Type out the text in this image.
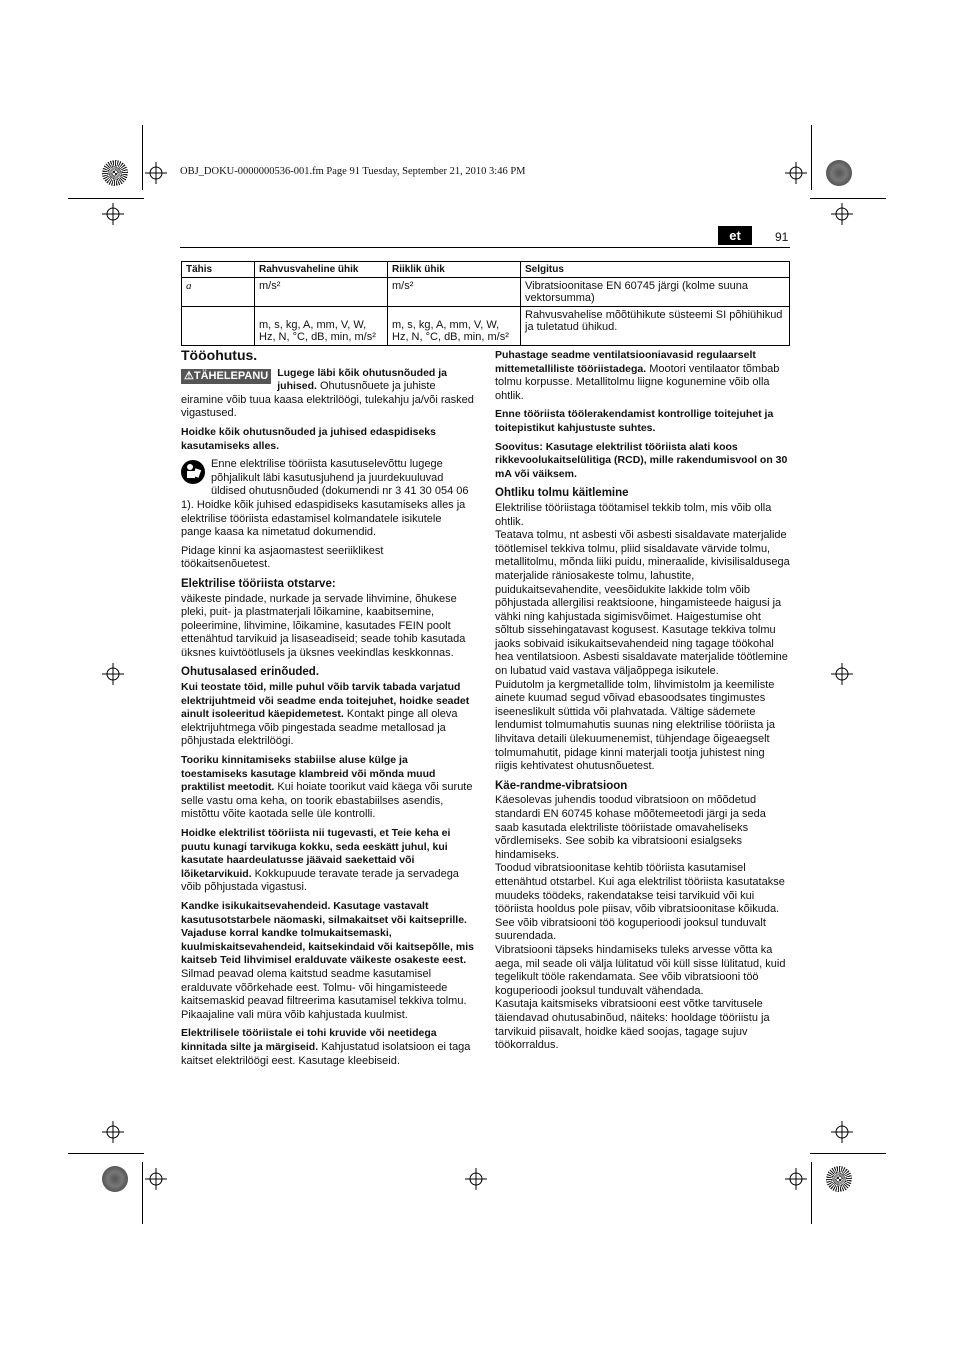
OBJ_DOKU-0000000536-001.fm Page 91 Tuesday, September 21, 2010 3:46 PM
et	91
Tähis	Rahvusvaheline ühik	Riiklik ühik	Selgitus
a	m/s²	m/s²	Vibratsioonitase EN 60745 järgi (kolme suuna vektorsumma)
	m, s, kg, A, mm, V, W, Hz, N, °C, dB, min, m/s²	m, s, kg, A, mm, V, W, Hz, N, °C, dB, min, m/s²	Rahvusvahelise mõõtühikute süsteemi SI põhiühikud ja tuletatud ühikud.
Tööohutus.

⚠TÄHELEPANU Lugege läbi kõik ohutusnõuded ja juhised. Ohutusnõuete ja juhiste eiramine võib tuua kaasa elektrilöögi, tulekahju ja/või rasked vigastused.

Hoidke kõik ohutusnõuded ja juhised edaspidiseks kasutamiseks alles.

Enne elektrilise tööriista kasutuselevõttu lugege põhjalikult läbi kasutusjuhend ja juurdekuuluvad üldised ohutusnõuded (dokumendi nr 3 41 30 054 06 1). Hoidke kõik juhised edaspidiseks kasutamiseks alles ja elektrilise tööriista edastamisel kolmandatele isikutele pange kaasa ka nimetatud dokumendid.

Pidage kinni ka asjaomastest seeriiklikest töökaitsenõuetest.

Elektrilise tööriista otstarve:

väikeste pindade, nurkade ja servade lihvimine, õhukese pleki, puit- ja plastmaterjali lõikamine, kaabitsemine, poleerimine, lihvimine, lõikamine, kasutades FEIN poolt ettenähtud tarvikuid ja lisaseadiseid; seade tohib kasutada üksnes kuivtöötlusels ja üksnes veekindlas keskkonnas.

Ohutusalased erinõuded.

Kui teostate töid, mille puhul võib tarvik tabada varjatud elektrijuhtmeid või seadme enda toitejuhet, hoidke seadet ainult isoleeritud käepidemetest. Kontakt pinge all oleva elektrijuhtmega võib pingestada seadme metallosad ja põhjustada elektrilöögi.

Tooriku kinnitamiseks stabiilse aluse külge ja toestamiseks kasutage klambreid või mõnda muud praktilist meetodit. Kui hoiate toorikut vaid käega või surute selle vastu oma keha, on toorik ebastabiilses asendis, mistõttu võite kaotada selle üle kontrolli.

Hoidke elektrilist tööriista nii tugevasti, et Teie keha ei puutu kunagi tarvikuga kokku, seda eeskätt juhul, kui kasutate haardeulatusse jäävaid saekettaid või lõiketarvikuid. Kokkupuude teravate terade ja servadega võib põhjustada vigastusi.

Kandke isikukaitsevahendeid. Kasutage vastavalt kasutusotstarbele näomaski, silmakaitset või kaitseprille. Vajaduse korral kandke tolmukaitsemaski, kuulmiskaitsevahendeid, kaitsekindaid või kaitsepõlle, mis kaitseb Teid lihvimisel eralduvate väikeste osakeste eest. Silmad peavad olema kaitstud seadme kasutamisel eralduvate võõrkehade eest. Tolmu- või hingamisteede kaitsemaskid peavad filtreerima kasutamisel tekkiva tolmu. Pikaajaline vali müra võib kahjustada kuulmist.

Elektrilisele tööriistale ei tohi kruvide või neetidega kinnitada silte ja märgiseid. Kahjustatud isolatsioon ei taga kaitset elektrilöögi eest. Kasutage kleebiseid.

Puhastage seadme ventilatsiooniavasid regulaarselt mittemetalliliste tööriistadega. Mootori ventilaator tõmbab tolmu korpusse. Metallitolmu liigne kogunemine võib olla ohtlik.

Enne tööriista töölerakendamist kontrollige toitejuhet ja toitepistikut kahjustuste suhtes.

Soovitus: Kasutage elektrilist tööriista alati koos rikkevoolukaitselülitiga (RCD), mille rakendumisvool on 30 mA või väiksem.

Ohtliku tolmu käitlemine

Elektrilise tööriistaga töötamisel tekkib tolm, mis võib olla ohtlik.

Teatava tolmu, nt asbesti või asbesti sisaldavate materjalide töötlemisel tekkiva tolmu, pliid sisaldavate värvide tolmu, metallitolmu, mõnda liiki puidu, mineraalide, kivisilisaldusega materjalide räniosakeste tolmu, lahustite, puidukaitsevahendite, veesõidukite lakkide tolm võib põhjustada allergilisi reaktsioone, hingamisteede haigusi ja vähki ning kahjustada sigimisvõimet. Haigestumise oht sõltub sissehingatavast kogusest. Kasutage tekkiva tolmu jaoks sobivaid isikukaitsevahendeid ning tagage töökohal hea ventilatsioon. Asbesti sisaldavate materjalide töötlemine on lubatud vaid vastava väljaõppega isikutele.

Puidutolm ja kergmetallide tolm, lihvimistolm ja keemiliste ainete kuumad segud võivad ebasoodsates tingimustes iseeneslikult süttida või plahvatada. Vältige sädemete lendumist tolmumahutis suunas ning elektrilise tööriista ja lihvitava detaili ülekuumenemist, tühjendage õigeaegselt tolmumahutit, pidage kinni materjali tootja juhistest ning riigis kehtivatest ohutusnõuetest.

Käe-randme-vibratsioon

Käesolevas juhendis toodud vibratsioon on mõõdetud standardi EN 60745 kohase mõõtemeetodi järgi ja seda saab kasutada elektriliste tööriistade omavaheliseks võrdlemiseks. See sobib ka vibratsiooni esialgseks hindamiseks.

Toodud vibratsioonitase kehtib tööriista kasutamisel ettenähtud otstarbel. Kui aga elektrilist tööriista kasutatakse muudeks töödeks, rakendatakse teisi tarvikuid või kui tööriista hooldus pole piisav, võib vibratsioonitase kõikuda. See võib vibratsiooni töö koguperioodi jooksul tunduvalt suurendada.

Vibratsiooni täpseks hindamiseks tuleks arvesse võtta ka aega, mil seade oli välja lülitatud või küll sisse lülitatud, kuid tegelikult tööle rakendamata. See võib vibratsiooni töö koguperioodi jooksul tunduvalt vähendada.

Kasutaja kaitsmiseks vibratsiooni eest võtke tarvitusele täiendavad ohutusabinõud, näiteks: hooldage tööriistu ja tarvikuid piisavalt, hoidke käed soojas, tagage sujuv töökorraldus.
